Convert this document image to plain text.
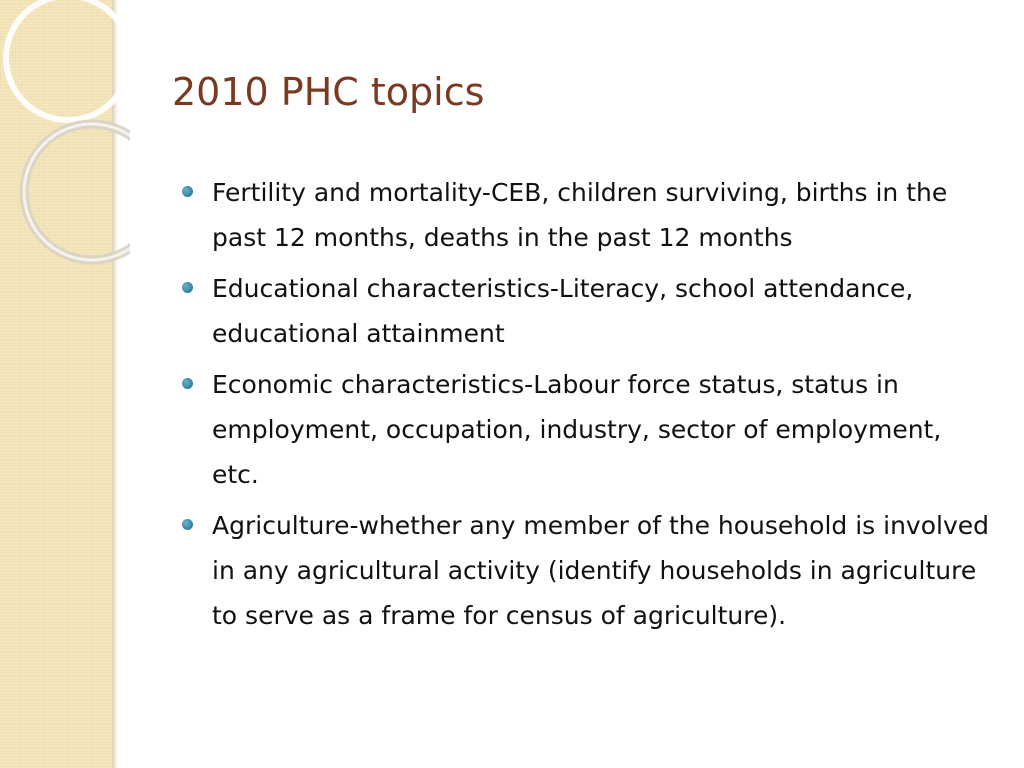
2010 PHC topics
Fertility and mortality-CEB, children surviving, births in the past 12 months, deaths in the past 12 months
Educational characteristics-Literacy, school attendance, educational attainment
Economic characteristics-Labour force status, status in employment, occupation, industry, sector of employment, etc.
Agriculture-whether any member of the household is involved in any agricultural activity (identify households in agriculture to serve as a frame for census of agriculture).
